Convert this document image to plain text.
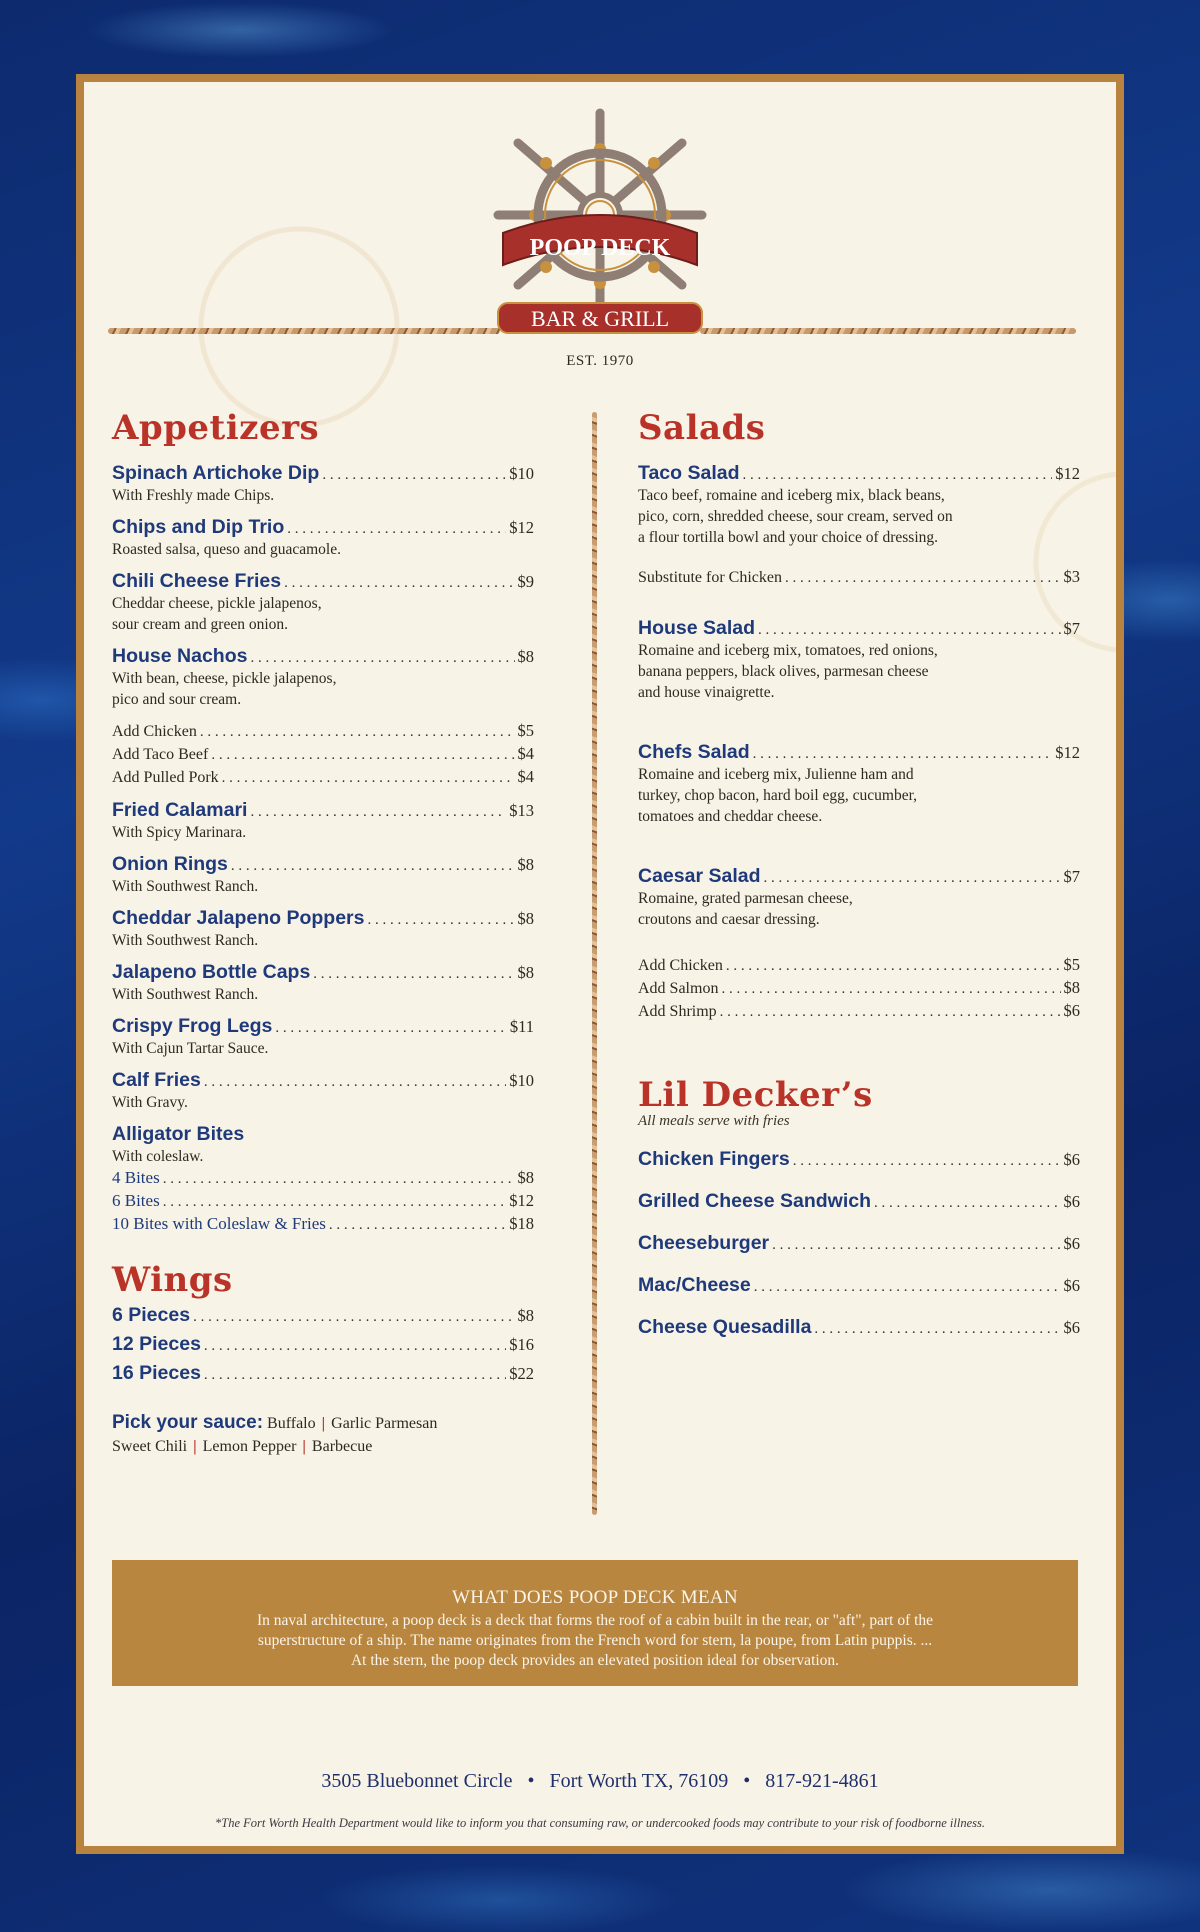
POOP DECK
BAR & GRILL
EST. 1970
Appetizers
Spinach Artichoke Dip . . .	$10
With Freshly made Chips.
Chips and Dip Trio . . .	$12
Roasted salsa, queso and guacamole.
Chili Cheese Fries . . .	$9
Cheddar cheese, pickle jalapenos,
sour cream and green onion.
House Nachos . . .	$8
With bean, cheese, pickle jalapenos,
pico and sour cream.
Add Chicken . . .	$5
Add Taco Beef . . .	$4
Add Pulled Pork . . .	$4
Fried Calamari . . .	$13
With Spicy Marinara.
Onion Rings . . .	$8
With Southwest Ranch.
Cheddar Jalapeno Poppers . . .	$8
With Southwest Ranch.
Jalapeno Bottle Caps . . .	$8
With Southwest Ranch.
Crispy Frog Legs . . .	$11
With Cajun Tartar Sauce.
Calf Fries . . .	$10
With Gravy.
Alligator Bites
With coleslaw.
4 Bites . . .	$8
6 Bites . . .	$12
10 Bites with Coleslaw & Fries . . .	$18
Wings
6 Pieces . . .	$8
12 Pieces . . .	$16
16 Pieces . . .	$22
Pick your sauce: Buffalo | Garlic Parmesan
Sweet Chili | Lemon Pepper | Barbecue
Salads
Taco Salad . . .	$12
Taco beef, romaine and iceberg mix, black beans,
pico, corn, shredded cheese, sour cream, served on
a flour tortilla bowl and your choice of dressing.
Substitute for Chicken . . .	$3
House Salad . . .	$7
Romaine and iceberg mix, tomatoes, red onions,
banana peppers, black olives, parmesan cheese
and house vinaigrette.
Chefs Salad . . .	$12
Romaine and iceberg mix, Julienne ham and
turkey, chop bacon, hard boil egg, cucumber,
tomatoes and cheddar cheese.
Caesar Salad . . .	$7
Romaine, grated parmesan cheese,
croutons and caesar dressing.
Add Chicken . . .	$5
Add Salmon . . .	$8
Add Shrimp . . .	$6
Lil Decker’s
All meals serve with fries
Chicken Fingers . . .	$6
Grilled Cheese Sandwich . . .	$6
Cheeseburger . . .	$6
Mac/Cheese . . .	$6
Cheese Quesadilla . . .	$6
WHAT DOES POOP DECK MEAN
In naval architecture, a poop deck is a deck that forms the roof of a cabin built in the rear, or "aft", part of the
superstructure of a ship. The name originates from the French word for stern, la poupe, from Latin puppis. ...
At the stern, the poop deck provides an elevated position ideal for observation.
3505 Bluebonnet Circle • Fort Worth TX, 76109 • 817-921-4861
*The Fort Worth Health Department would like to inform you that consuming raw, or undercooked foods may contribute to your risk of foodborne illness.
